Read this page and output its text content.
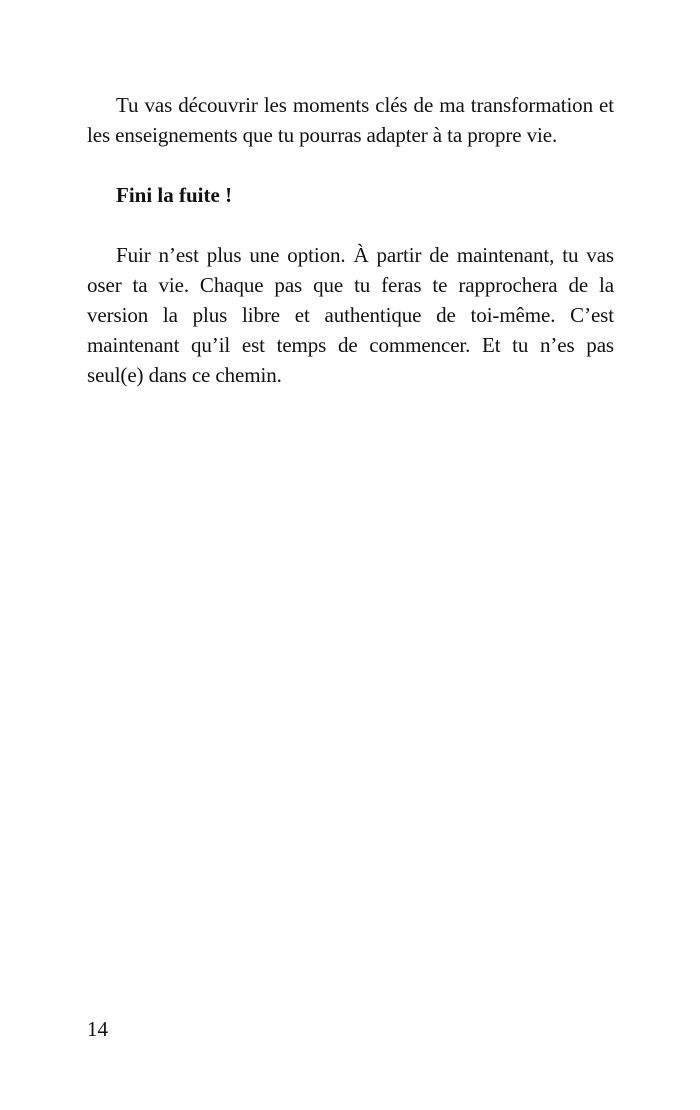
Tu vas découvrir les moments clés de ma transformation et les enseignements que tu pourras adapter à ta propre vie.

Fini la fuite !

Fuir n’est plus une option. À partir de maintenant, tu vas oser ta vie. Chaque pas que tu feras te rapprochera de la version la plus libre et authentique de toi-même. C’est maintenant qu’il est temps de commencer. Et tu n’es pas seul(e) dans ce chemin.

14
